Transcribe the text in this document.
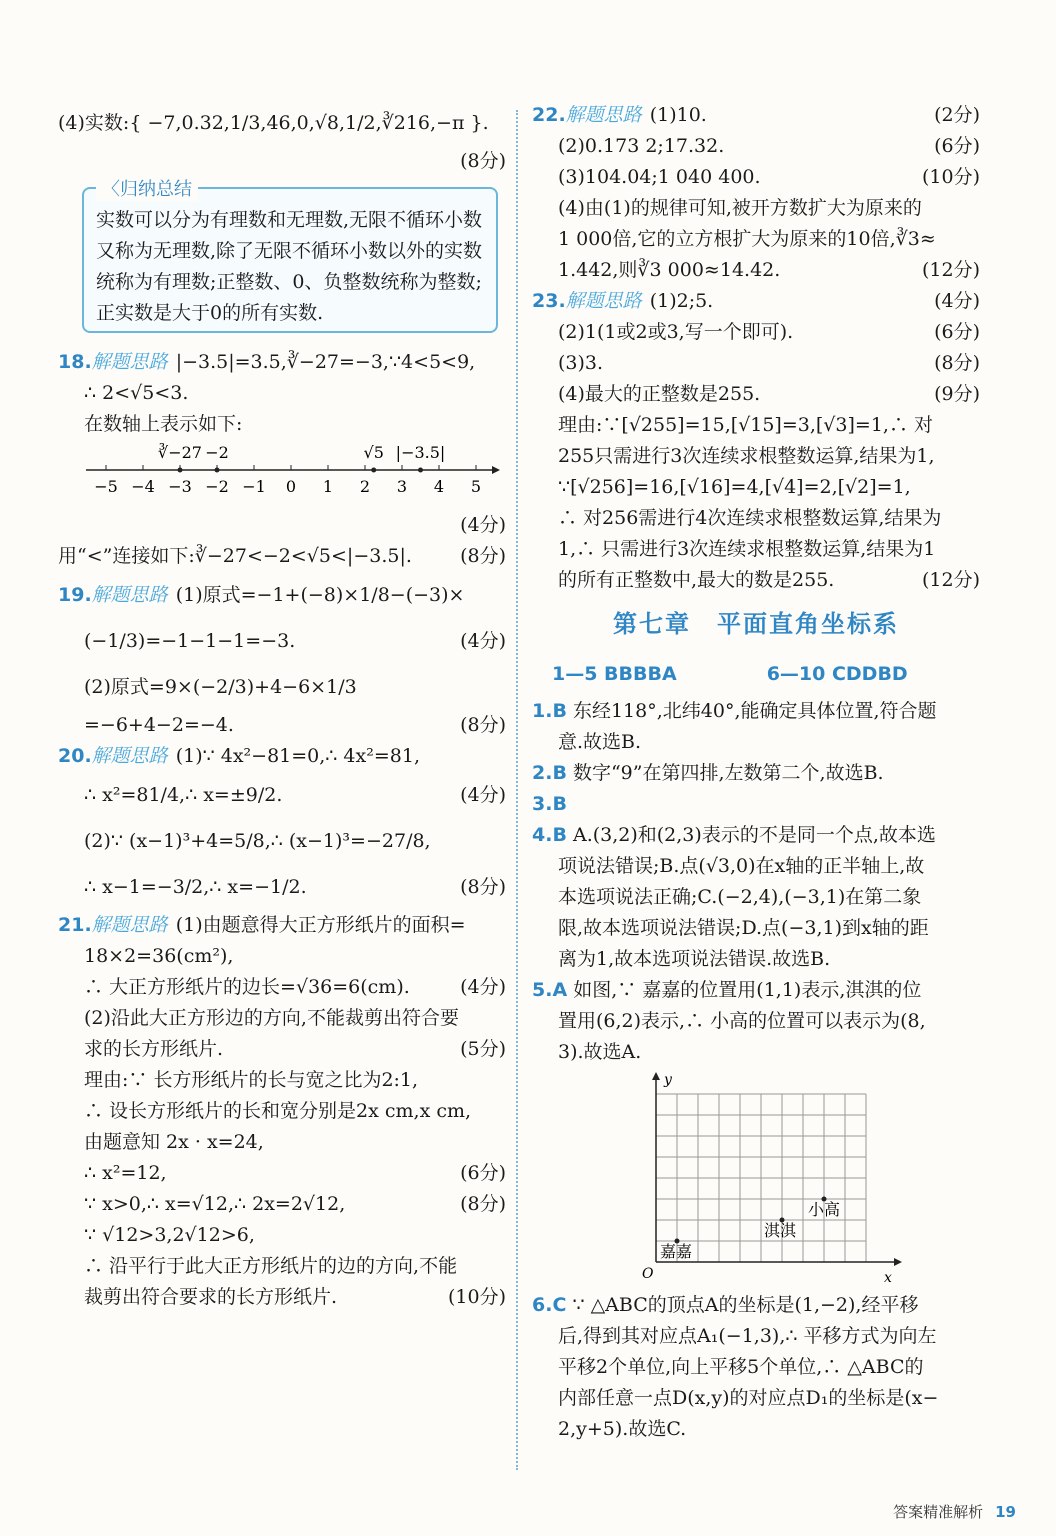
(4)实数:{ −7,0.32,1/3,46,0,√8,1/2,∛216,−π }.
(8分)
〈归纳总结
实数可以分为有理数和无理数,无限不循环小数又称为无理数,除了无限不循环小数以外的实数统称为有理数;正整数、0、负整数统称为整数;正实数是大于0的所有实数.
18.解题思路 |−3.5|=3.5,∛−27=−3,∵4<5<9,
∴ 2<√5<3.
在数轴上表示如下:
−5 −4 −3 −2 −1 0 1 2 3 4 5
∛−27 −2	√5 |−3.5|
(4分)
用“<”连接如下:∛−27<−2<√5<|−3.5|.	(8分)
19.解题思路 (1)原式=−1+(−8)×1/8−(−3)×
(−1/3)=−1−1−1=−3.	(4分)
(2)原式=9×(−2/3)+4−6×1/3
=−6+4−2=−4.	(8分)
20.解题思路 (1)∵ 4x²−81=0,∴ 4x²=81,
∴ x²=81/4,∴ x=±9/2.	(4分)
(2)∵ (x−1)³+4=5/8,∴ (x−1)³=−27/8,
∴ x−1=−3/2,∴ x=−1/2.	(8分)
21.解题思路 (1)由题意得大正方形纸片的面积=
18×2=36(cm²),
∴ 大正方形纸片的边长=√36=6(cm).	(4分)
(2)沿此大正方形边的方向,不能裁剪出符合要
求的长方形纸片.	(5分)
理由:∵ 长方形纸片的长与宽之比为2:1,
∴ 设长方形纸片的长和宽分别是2x cm,x cm,
由题意知 2x · x=24,
∴ x²=12,	(6分)
∵ x>0,∴ x=√12,∴ 2x=2√12,	(8分)
∵ √12>3,2√12>6,
∴ 沿平行于此大正方形纸片的边的方向,不能
裁剪出符合要求的长方形纸片.	(10分)
22.解题思路 (1)10.	(2分)
(2)0.173 2;17.32.	(6分)
(3)104.04;1 040 400.	(10分)
(4)由(1)的规律可知,被开方数扩大为原来的
1 000倍,它的立方根扩大为原来的10倍,∛3≈
1.442,则∛3 000≈14.42.	(12分)
23.解题思路 (1)2;5.	(4分)
(2)1(1或2或3,写一个即可).	(6分)
(3)3.	(8分)
(4)最大的正整数是255.	(9分)
理由:∵[√255]=15,[√15]=3,[√3]=1,∴ 对
255只需进行3次连续求根整数运算,结果为1,
∵[√256]=16,[√16]=4,[√4]=2,[√2]=1,
∴ 对256需进行4次连续求根整数运算,结果为
1,∴ 只需进行3次连续求根整数运算,结果为1
的所有正整数中,最大的数是255.	(12分)
第七章　平面直角坐标系
1—5 BBBBA	6—10 CDDBD
1.B 东经118°,北纬40°,能确定具体位置,符合题
意.故选B.
2.B 数字“9”在第四排,左数第二个,故选B.
3.B
4.B A.(3,2)和(2,3)表示的不是同一个点,故本选
项说法错误;B.点(√3,0)在x轴的正半轴上,故
本选项说法正确;C.(−2,4),(−3,1)在第二象
限,故本选项说法错误;D.点(−3,1)到x轴的距
离为1,故本选项说法错误.故选B.
5.A 如图,∵ 嘉嘉的位置用(1,1)表示,淇淇的位
置用(6,2)表示,∴ 小高的位置可以表示为(8,
3).故选A.
y
x
O
嘉嘉
淇淇
小高
6.C ∵ △ABC的顶点A的坐标是(1,−2),经平移
后,得到其对应点A₁(−1,3),∴ 平移方式为向左
平移2个单位,向上平移5个单位,∴ △ABC的
内部任意一点D(x,y)的对应点D₁的坐标是(x−
2,y+5).故选C.
答案精准解析 19
